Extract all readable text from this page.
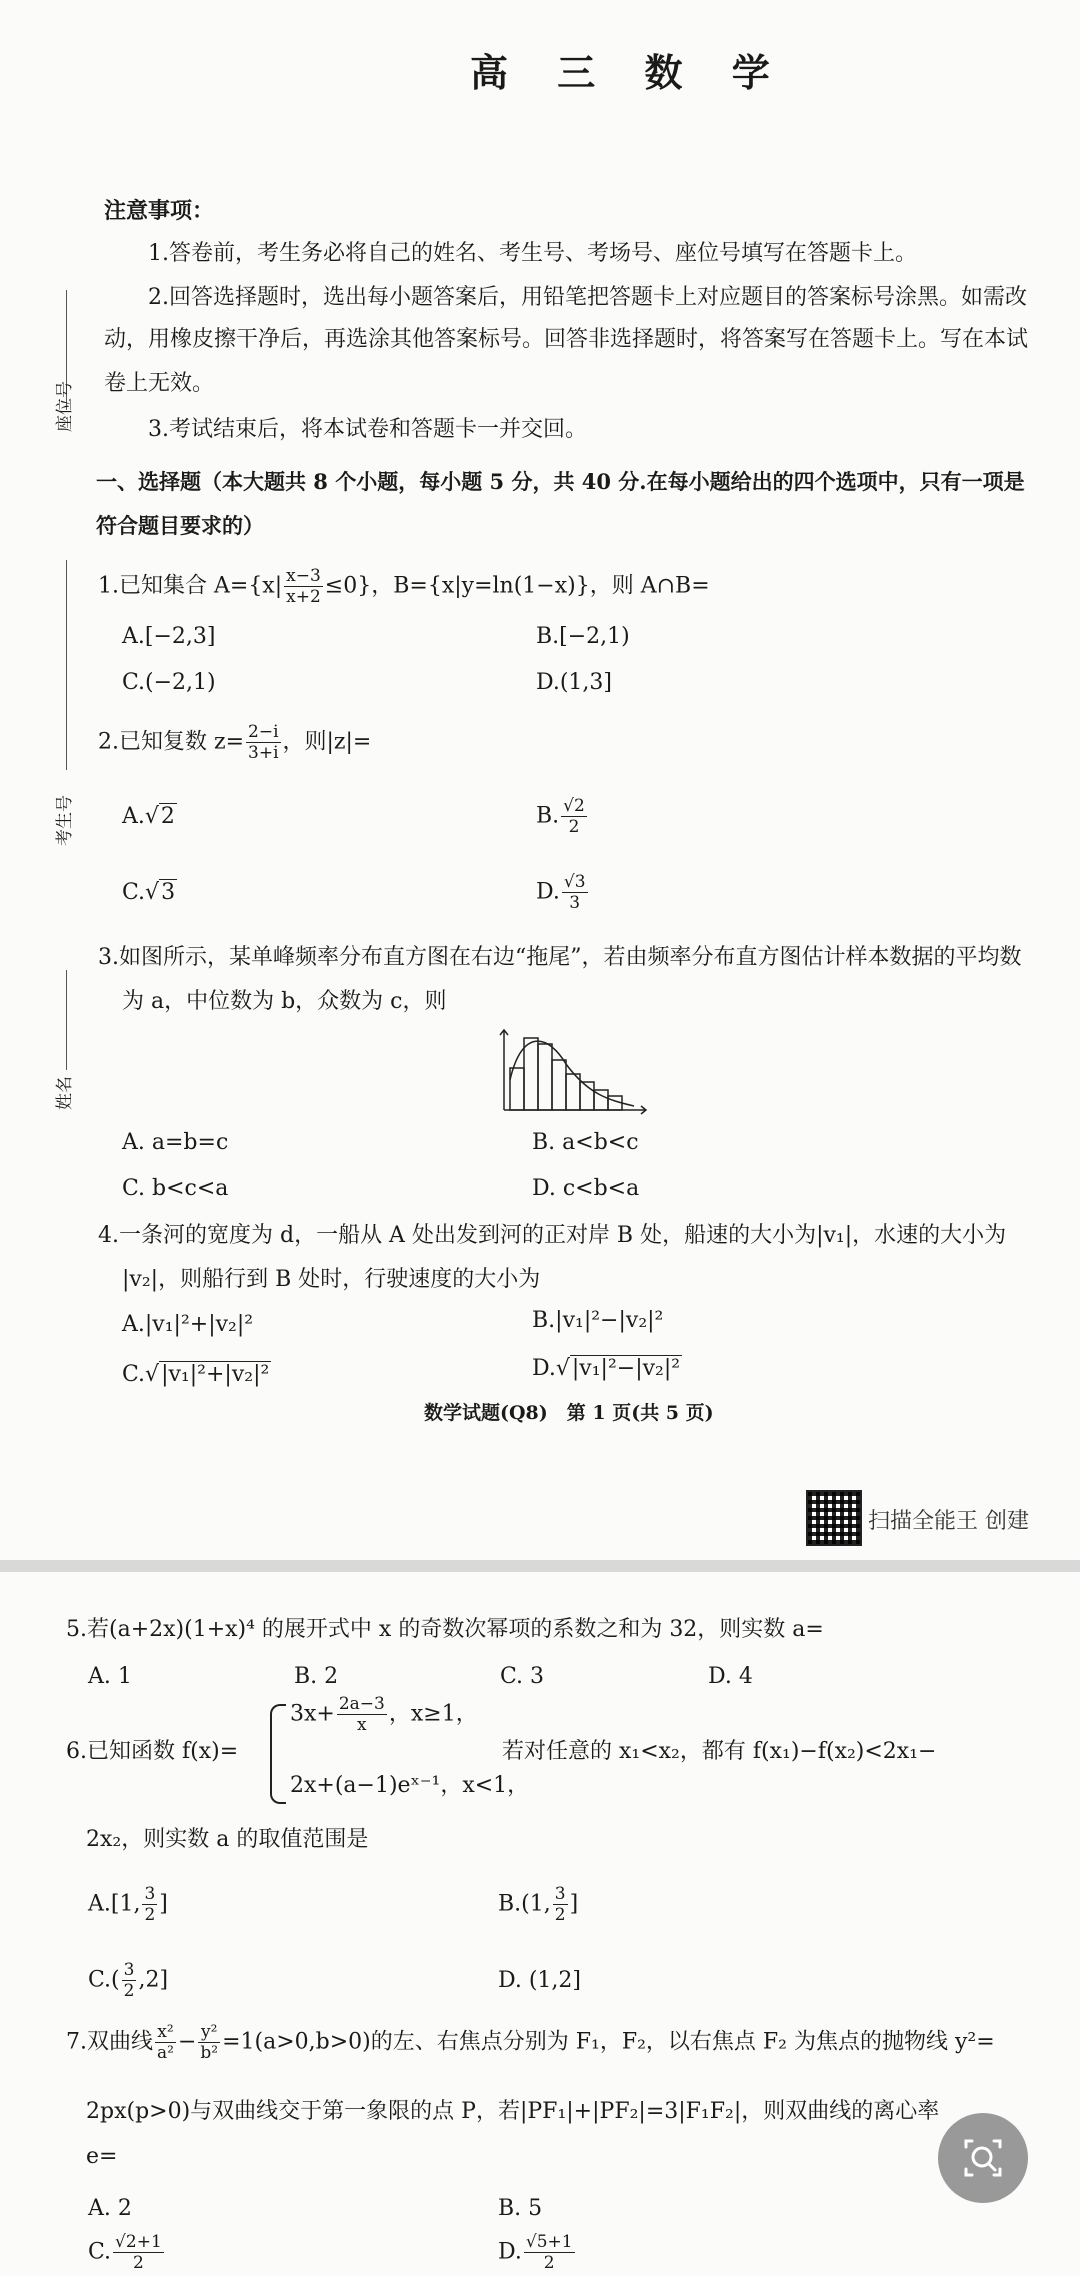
高 三 数 学
注意事项：
1.答卷前，考生务必将自己的姓名、考生号、考场号、座位号填写在答题卡上。
2.回答选择题时，选出每小题答案后，用铅笔把答题卡上对应题目的答案标号涂黑。如需改
动，用橡皮擦干净后，再选涂其他答案标号。回答非选择题时，将答案写在答题卡上。写在本试
卷上无效。
3.考试结束后，将本试卷和答题卡一并交回。
一、选择题（本大题共 8 个小题，每小题 5 分，共 40 分.在每小题给出的四个选项中，只有一项是
符合题目要求的）
座位号
考生号
姓名
1.已知集合 $A=\{x| \frac{x-3}{x+2} \le 0\}$，B={x|y=ln(1−x)}，则 A∩B=
A.[−2,3]	B.[−2,1)
C.(−2,1)	D.(1,3]
2.已知复数 $z= \frac{2-i}{3+i}$ ，则|z|=
A.√2	B. $\frac{√2}{2}$
C.√3	D. $\frac{√3}{3}$
3.如图所示，某单峰频率分布直方图在右边“拖尾”，若由频率分布直方图估计样本数据的平均数
为 a，中位数为 b，众数为 c，则
A. a=b=c	B. a<b<c
C. b<c<a	D. c<b<a
4.一条河的宽度为 d，一船从 A 处出发到河的正对岸 B 处，船速的大小为|v₁|，水速的大小为
|v₂|，则船行到 B 处时，行驶速度的大小为
A.|v₁|²+|v₂|²	B.|v₁|²−|v₂|²
C.√|v₁|²+|v₂|²	D.√|v₁|²−|v₂|²
数学试题(Q8)　第 1 页(共 5 页)
扫描全能王 创建
5.若(a+2x)(1+x)⁴ 的展开式中 x 的奇数次幂项的系数之和为 32，则实数 a=
A. 1	B. 2	C. 3	D. 4
6.已知函数 f(x)=
$3x+ \frac{2a-3}{x}$ ，x≥1，
2x+(a−1)eˣ⁻¹，x<1，
若对任意的 x₁<x₂，都有 f(x₁)−f(x₂)<2x₁−
2x₂，则实数 a 的取值范围是
A.[1, $\frac{3}{2}$ ]	B.(1, $\frac{3}{2}$ ]
$C.( \frac{3}{2} ,2]$	D. (1,2]
7.双曲线 $\frac{\text{x²}}{\text{a²}} - \frac{\text{y²}}{\text{b²}} =1(a>0,b>0)$的左、右焦点分别为 F₁，F₂，以右焦点 F₂ 为焦点的抛物线 y²=
2px(p>0)与双曲线交于第一象限的点 P，若|PF₁|+|PF₂|=3|F₁F₂|，则双曲线的离心率
e=
A. 2	B. 5
C. $\frac{√2+1}{2}$	D. $\frac{√5+1}{2}$
